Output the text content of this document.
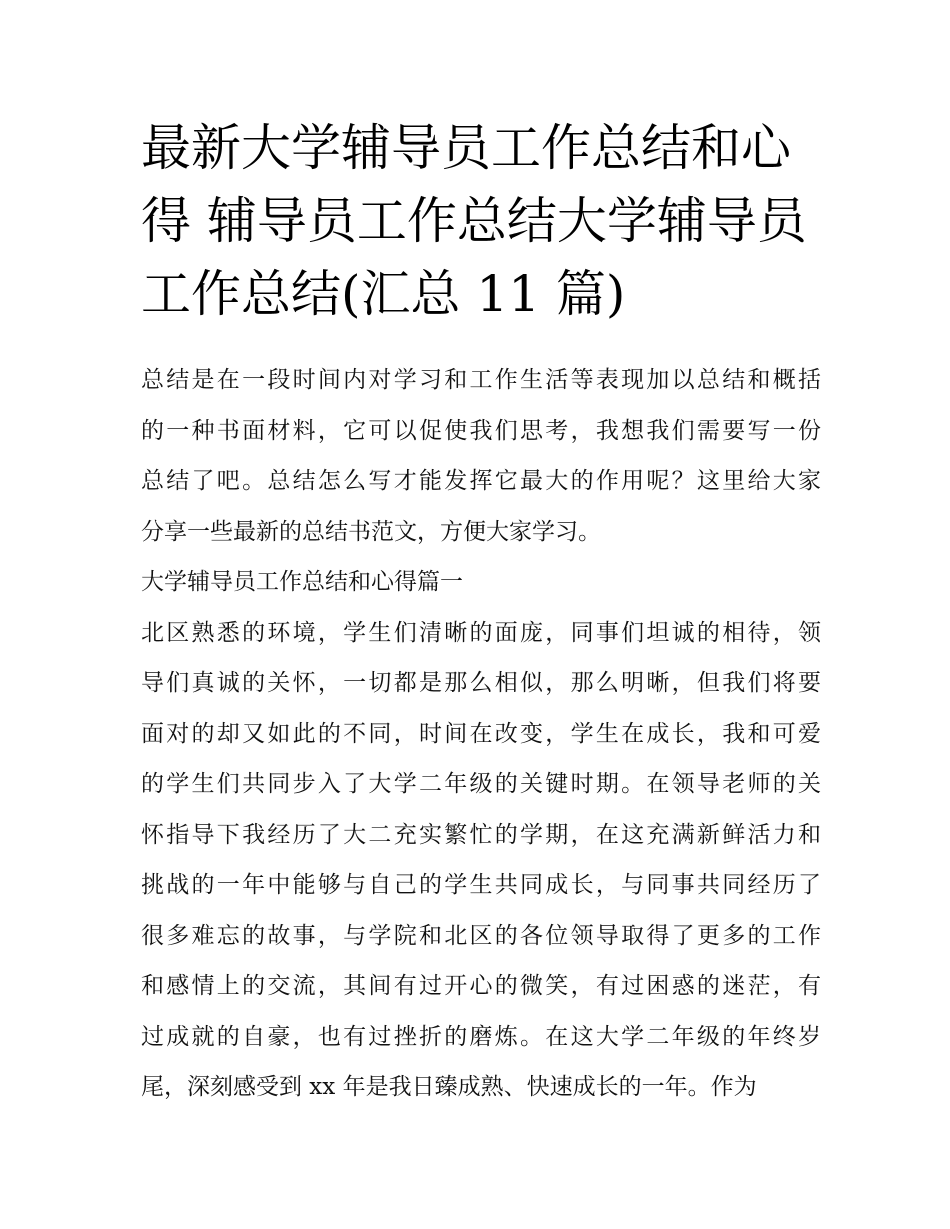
最新大学辅导员工作总结和心
得 辅导员工作总结大学辅导员
工作总结(汇总 11 篇)
总结是在一段时间内对学习和工作生活等表现加以总结和概括
的一种书面材料，它可以促使我们思考，我想我们需要写一份
总结了吧。总结怎么写才能发挥它最大的作用呢？这里给大家
分享一些最新的总结书范文，方便大家学习。
大学辅导员工作总结和心得篇一
北区熟悉的环境，学生们清晰的面庞，同事们坦诚的相待，领
导们真诚的关怀，一切都是那么相似，那么明晰，但我们将要
面对的却又如此的不同，时间在改变，学生在成长，我和可爱
的学生们共同步入了大学二年级的关键时期。在领导老师的关
怀指导下我经历了大二充实繁忙的学期，在这充满新鲜活力和
挑战的一年中能够与自己的学生共同成长，与同事共同经历了
很多难忘的故事，与学院和北区的各位领导取得了更多的工作
和感情上的交流，其间有过开心的微笑，有过困惑的迷茫，有
过成就的自豪，也有过挫折的磨炼。在这大学二年级的年终岁
尾，深刻感受到 xx 年是我日臻成熟、快速成长的一年。作为
